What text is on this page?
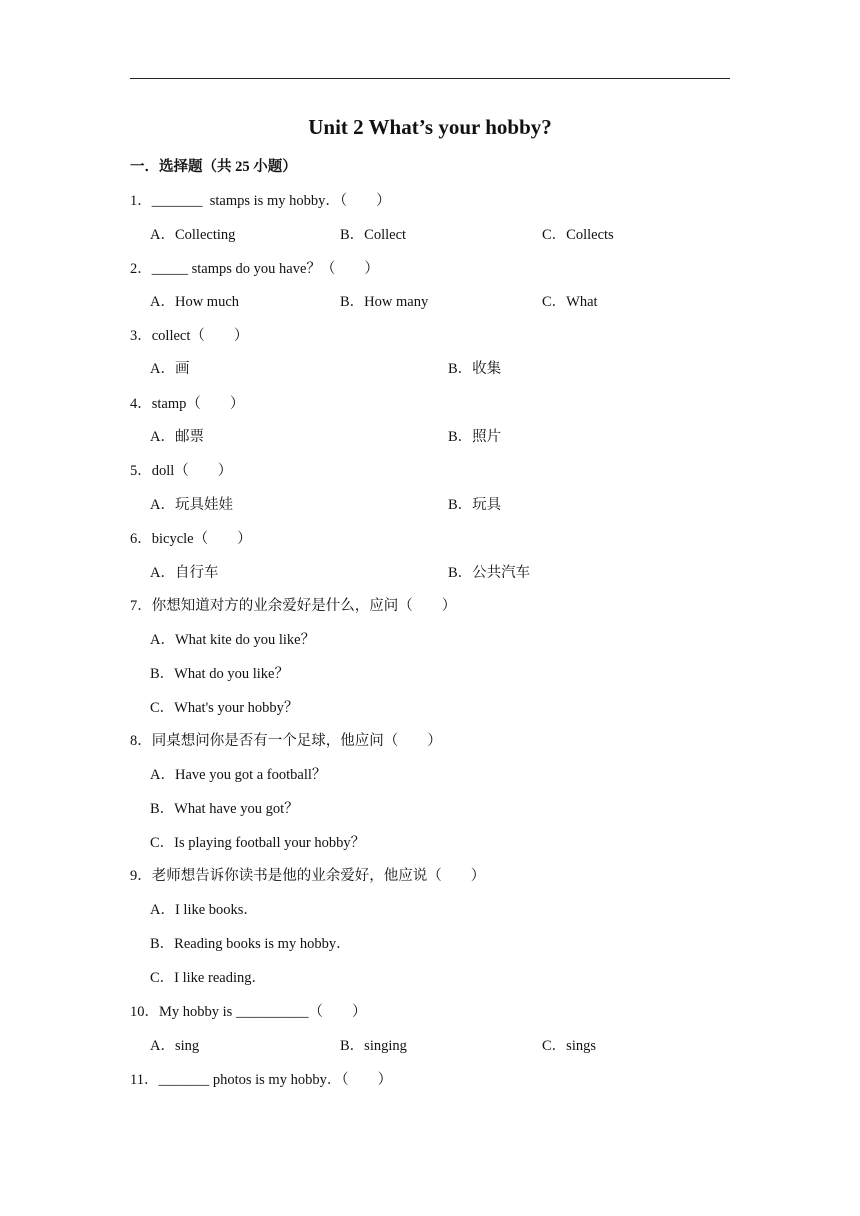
Unit 2 What’s your hobby?
一．选择题（共 25 小题）
1．_______  stamps is my hobby．（　　）
A．Collecting	B．Collect	C．Collects
2．_____ stamps do you have？（　　）
A．How much	B．How many	C．What
3．collect（　　）
A．画	B．收集
4．stamp（　　）
A．邮票	B．照片
5．doll（　　）
A．玩具娃娃	B．玩具
6．bicycle（　　）
A．自行车	B．公共汽车
7．你想知道对方的业余爱好是什么，应问（　　）
A．What kite do you like？
B．What do you like？
C．What's your hobby？
8．同桌想问你是否有一个足球，他应问（　　）
A．Have you got a football？
B．What have you got？
C．Is playing football your hobby？
9．老师想告诉你读书是他的业余爱好，他应说（　　）
A．I like books．
B．Reading books is my hobby．
C．I like reading．
10．My hobby is __________（　　）
A．sing	B．singing	C．sings
11．_______ photos is my hobby．（　　）
